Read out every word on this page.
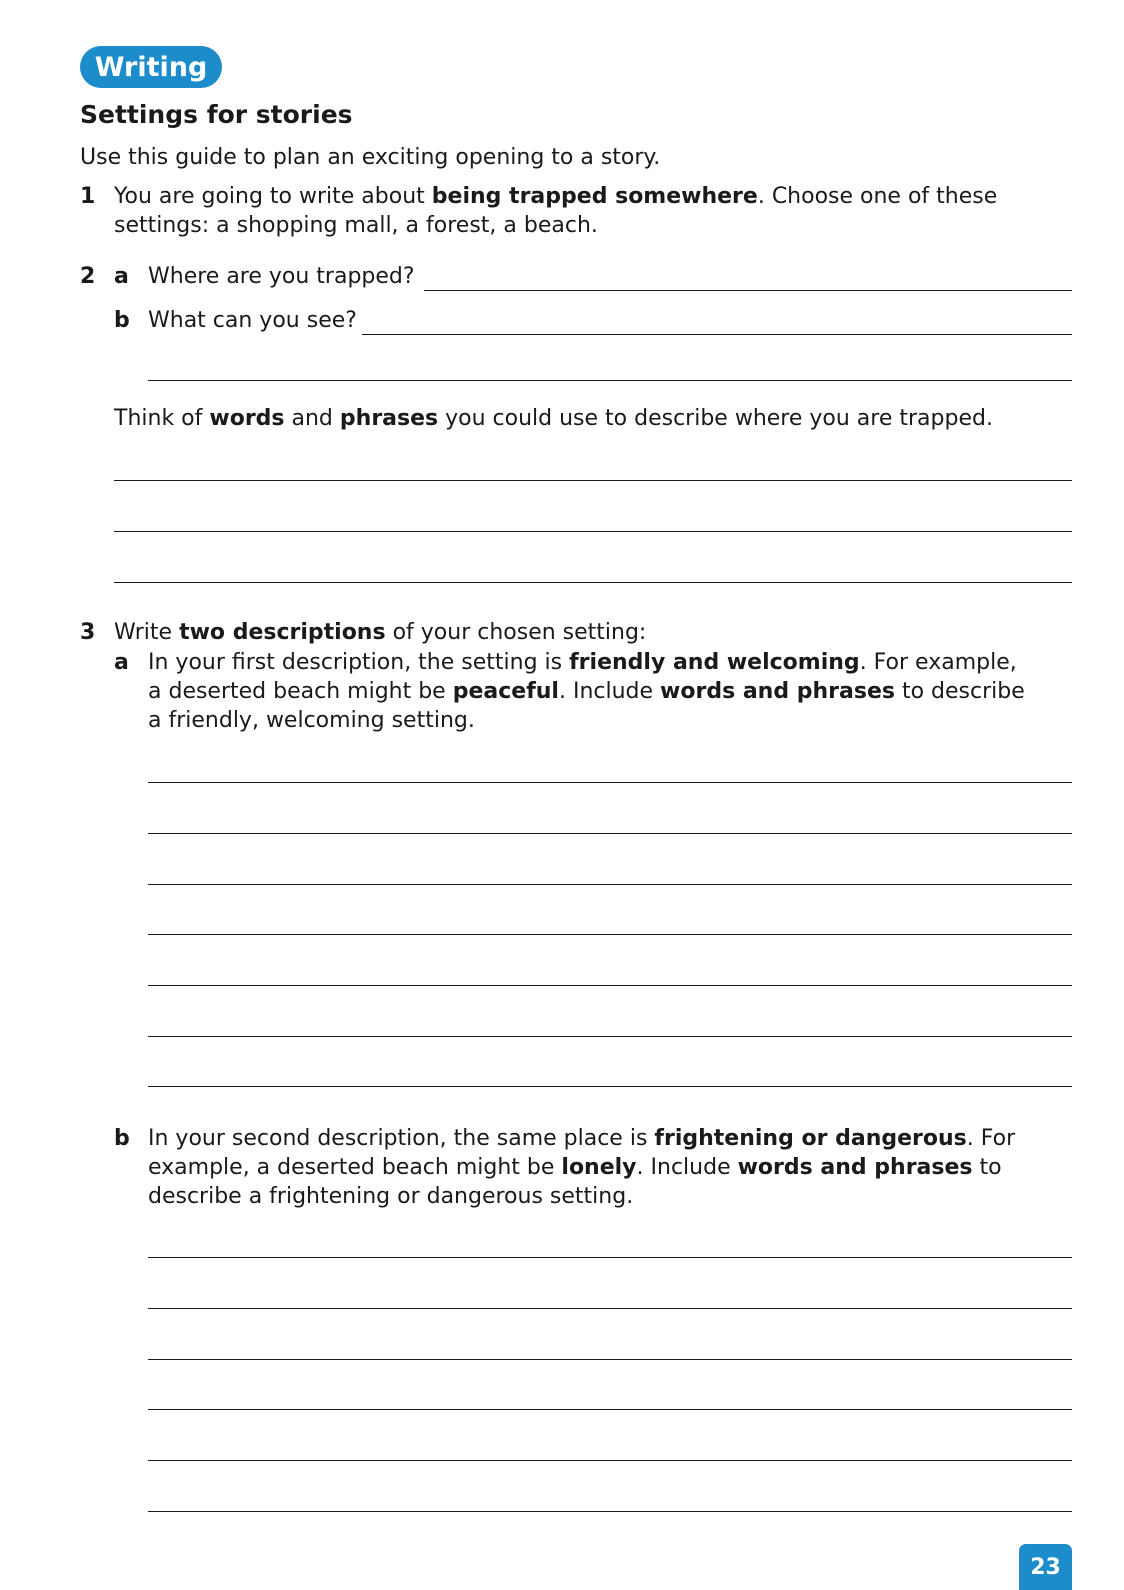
Writing
Settings for stories
Use this guide to plan an exciting opening to a story.
1 You are going to write about being trapped somewhere. Choose one of these
settings: a shopping mall, a forest, a beach.
2 a Where are you trapped?
b What can you see?
Think of words and phrases you could use to describe where you are trapped.
3 Write two descriptions of your chosen setting:
a In your first description, the setting is friendly and welcoming. For example,
a deserted beach might be peaceful. Include words and phrases to describe
a friendly, welcoming setting.
b In your second description, the same place is frightening or dangerous. For
example, a deserted beach might be lonely. Include words and phrases to
describe a frightening or dangerous setting.
23
